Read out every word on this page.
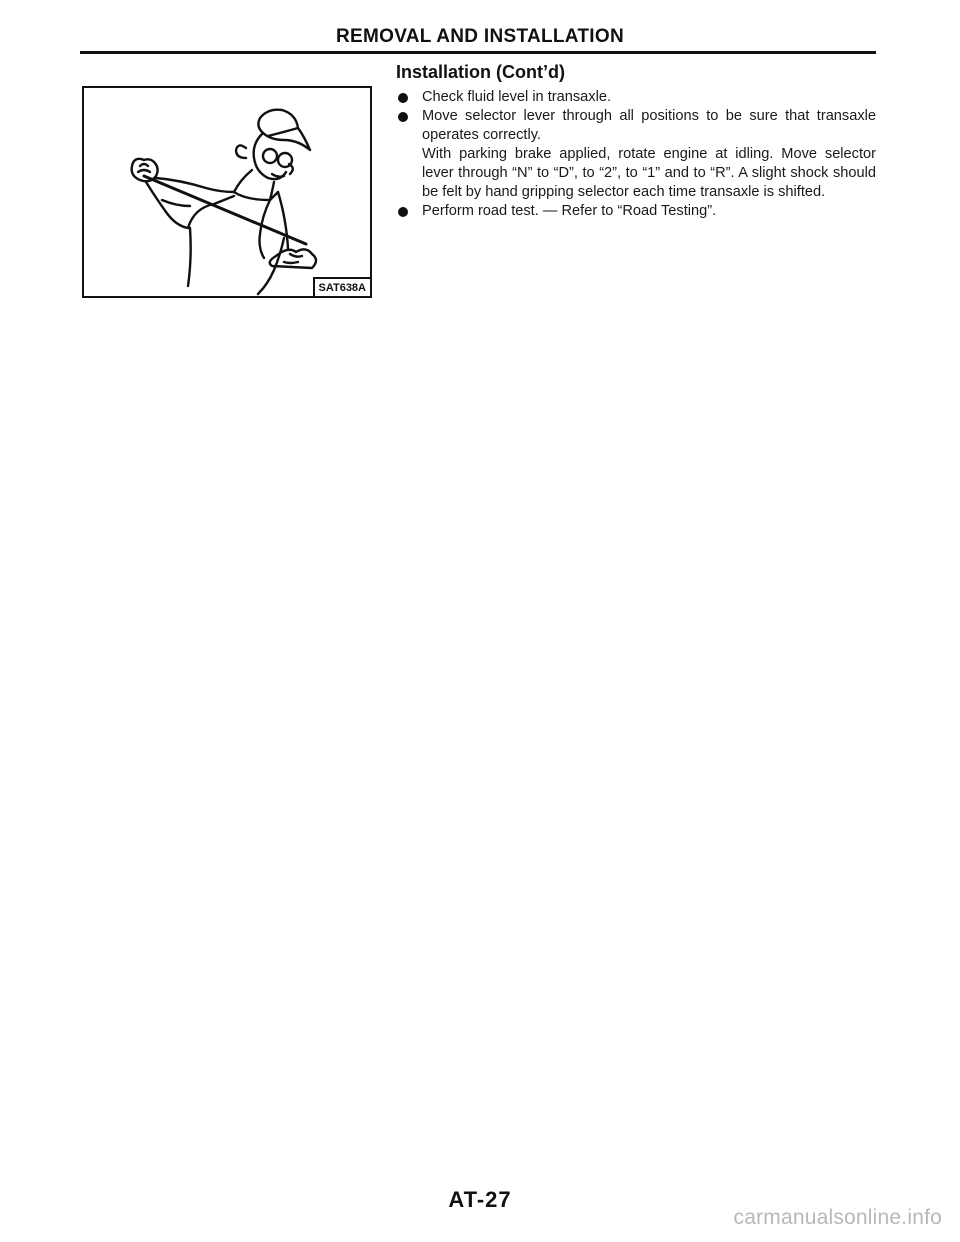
REMOVAL AND INSTALLATION
SAT638A
Installation (Cont’d)
Check fluid level in transaxle.
Move selector lever through all positions to be sure that transaxle operates correctly.
With parking brake applied, rotate engine at idling. Move selector lever through “N” to “D”, to “2”, to “1” and to “R”. A slight shock should be felt by hand gripping selector each time transaxle is shifted.
Perform road test. — Refer to “Road Testing”.
AT-27
carmanualsonline.info
